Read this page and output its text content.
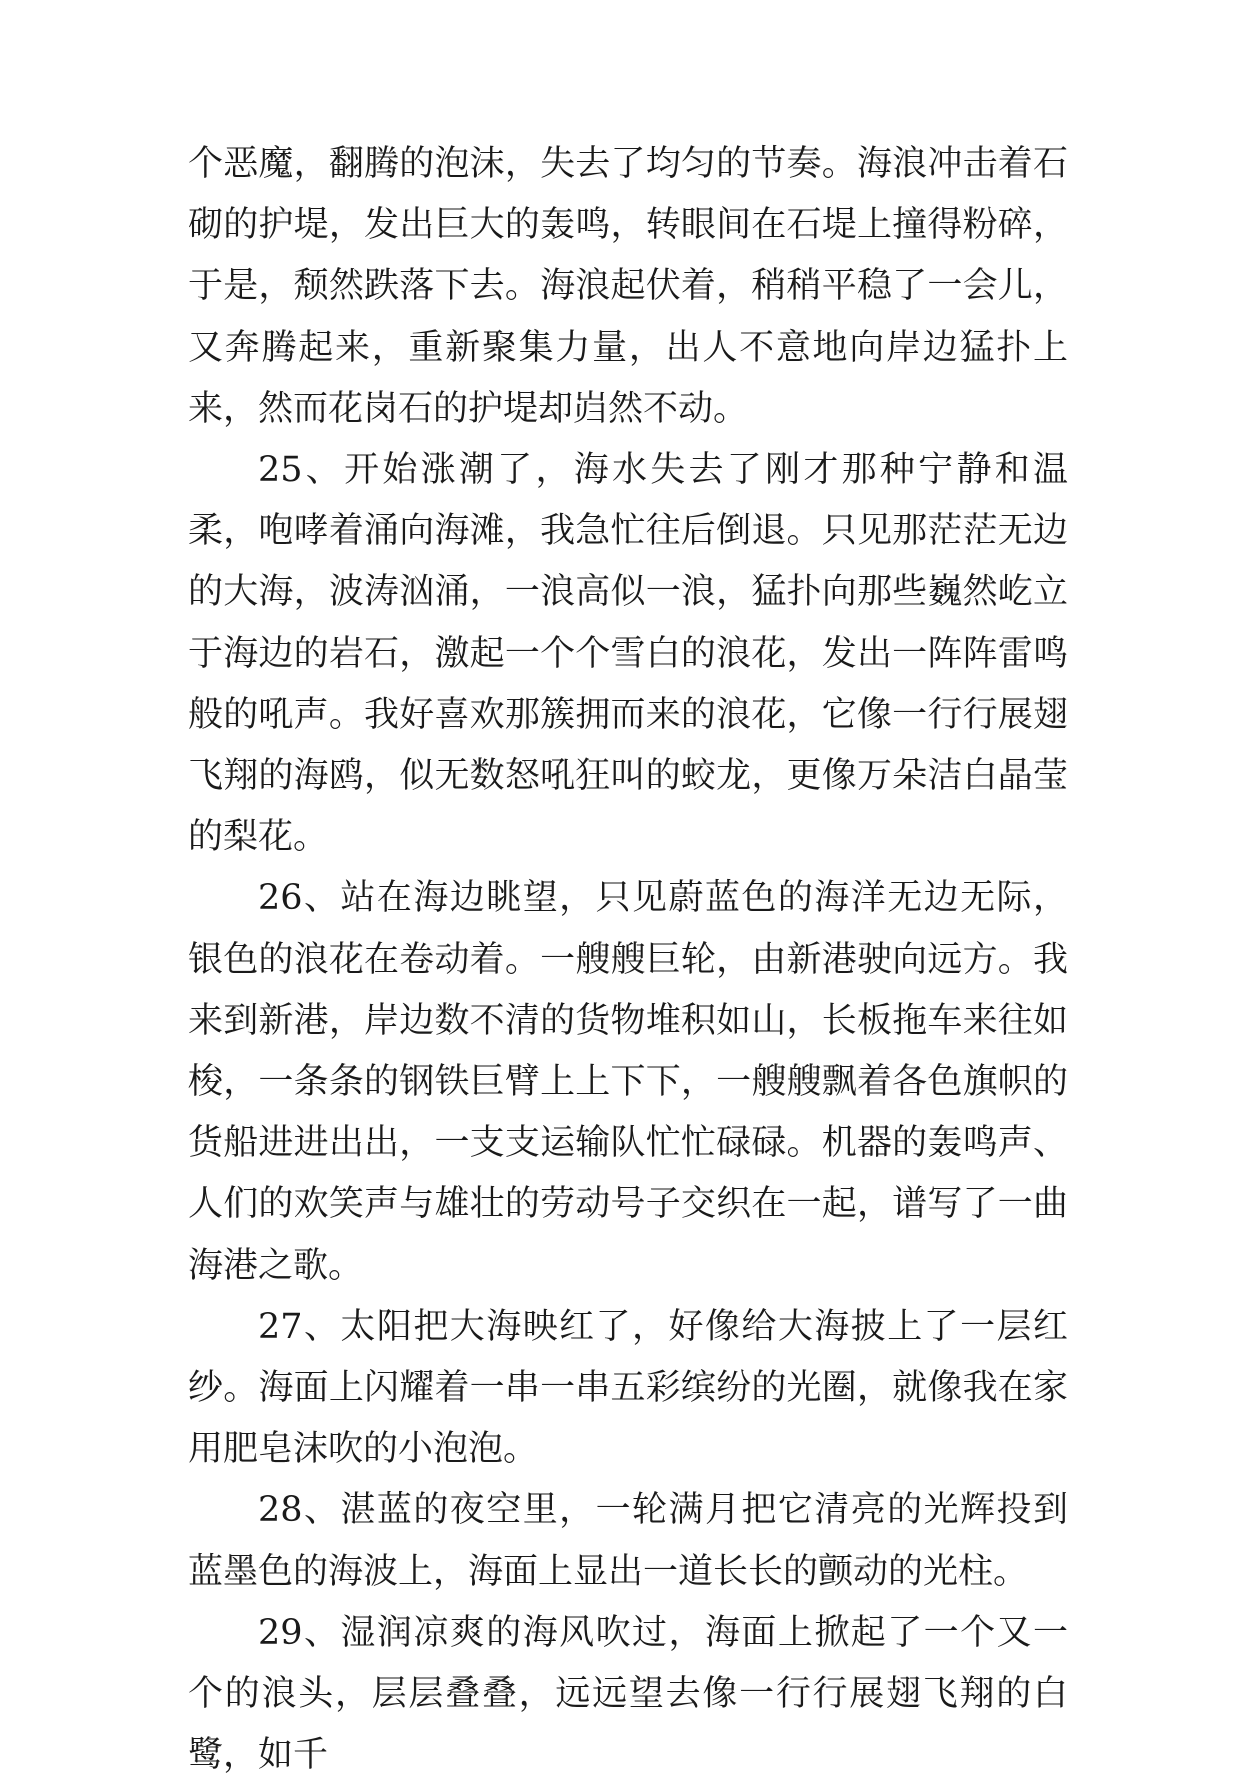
个恶魔，翻腾的泡沫，失去了均匀的节奏。海浪冲击着石砌的护堤，发出巨大的轰鸣，转眼间在石堤上撞得粉碎，于是，颓然跌落下去。海浪起伏着，稍稍平稳了一会儿，又奔腾起来，重新聚集力量，出人不意地向岸边猛扑上来，然而花岗石的护堤却岿然不动。

25、开始涨潮了，海水失去了刚才那种宁静和温柔，咆哮着涌向海滩，我急忙往后倒退。只见那茫茫无边的大海，波涛汹涌，一浪高似一浪，猛扑向那些巍然屹立于海边的岩石，激起一个个雪白的浪花，发出一阵阵雷鸣般的吼声。我好喜欢那簇拥而来的浪花，它像一行行展翅飞翔的海鸥，似无数怒吼狂叫的蛟龙，更像万朵洁白晶莹的梨花。

26、站在海边眺望，只见蔚蓝色的海洋无边无际，银色的浪花在卷动着。一艘艘巨轮，由新港驶向远方。我来到新港，岸边数不清的货物堆积如山，长板拖车来往如梭，一条条的钢铁巨臂上上下下，一艘艘飘着各色旗帜的货船进进出出，一支支运输队忙忙碌碌。机器的轰鸣声、人们的欢笑声与雄壮的劳动号子交织在一起，谱写了一曲海港之歌。

27、太阳把大海映红了，好像给大海披上了一层红纱。海面上闪耀着一串一串五彩缤纷的光圈，就像我在家用肥皂沫吹的小泡泡。

28、湛蓝的夜空里，一轮满月把它清亮的光辉投到蓝墨色的海波上，海面上显出一道长长的颤动的光柱。

29、湿润凉爽的海风吹过，海面上掀起了一个又一个的浪头，层层叠叠，远远望去像一行行展翅飞翔的白鹭，如千
